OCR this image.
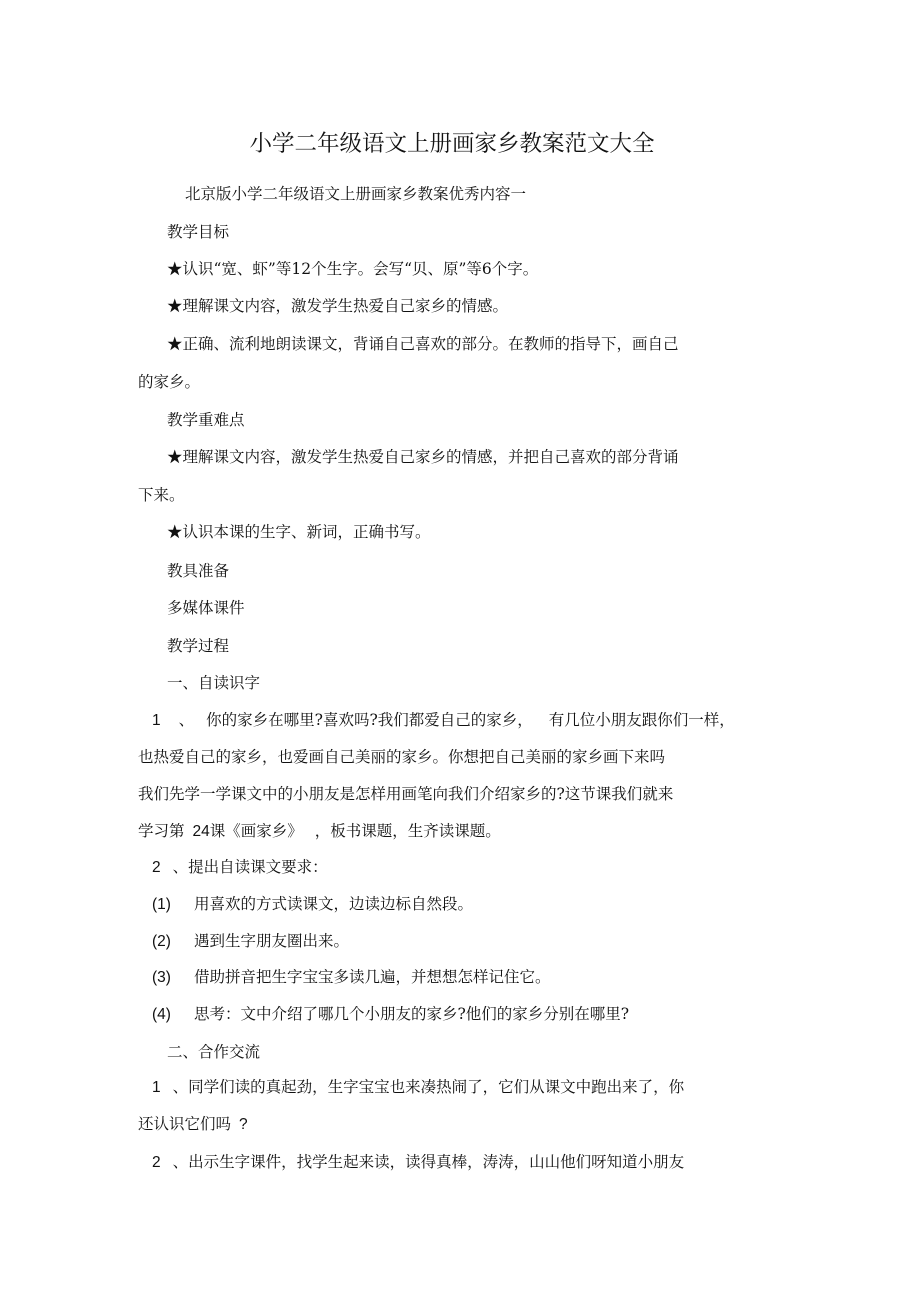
小学二年级语文上册画家乡教案范文大全
北京版小学二年级语文上册画家乡教案优秀内容一
教学目标
★认识“宽、虾”等12个生字。会写“贝、原”等6个字。
★理解课文内容，激发学生热爱自己家乡的情感。
★正确、流利地朗读课文，背诵自己喜欢的部分。在教师的指导下，画自己
的家乡。
教学重难点
★理解课文内容，激发学生热爱自己家乡的情感，并把自己喜欢的部分背诵
下来。
★认识本课的生字、新词，正确书写。
教具准备
多媒体课件
教学过程
一、自读识字
1 、 你的家乡在哪里?喜欢吗?我们都爱自己的家乡， 有几位小朋友跟你们一样，
也热爱自己的家乡，也爱画自己美丽的家乡。你想把自己美丽的家乡画下来吗
我们先学一学课文中的小朋友是怎样用画笔向我们介绍家乡的?这节课我们就来
学习第 24课《画家乡》 ，板书课题，生齐读课题。
2 、提出自读课文要求：
(1) 用喜欢的方式读课文，边读边标自然段。
(2) 遇到生字朋友圈出来。
(3) 借助拼音把生字宝宝多读几遍，并想想怎样记住它。
(4) 思考：文中介绍了哪几个小朋友的家乡?他们的家乡分别在哪里?
二、合作交流
1 、同学们读的真起劲，生字宝宝也来凑热闹了，它们从课文中跑出来了，你
还认识它们吗 ?
2 、出示生字课件，找学生起来读，读得真棒，涛涛，山山他们呀知道小朋友
